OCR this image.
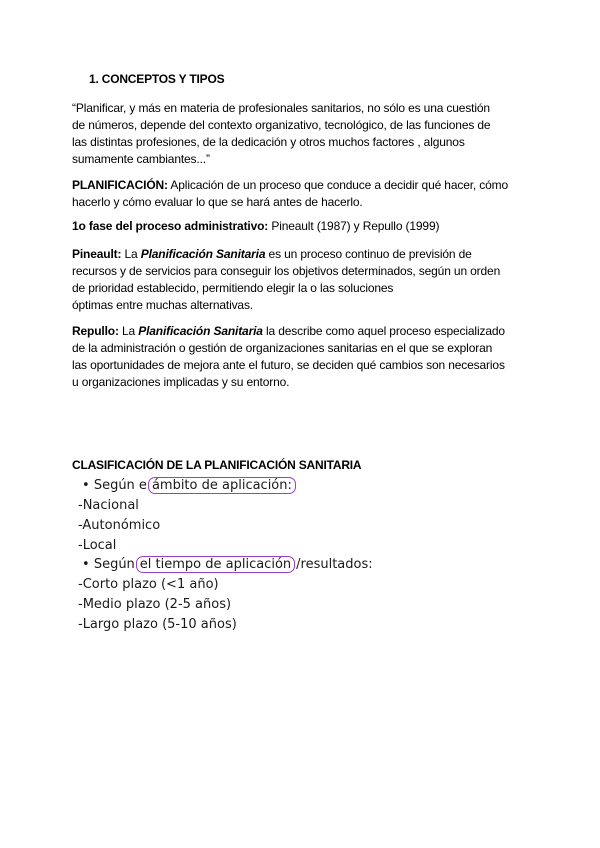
1. CONCEPTOS Y TIPOS
“Planificar, y más en materia de profesionales sanitarios, no sólo es una cuestión
de números, depende del contexto organizativo, tecnológico, de las funciones de
las distintas profesiones, de la dedicación y otros muchos factores , algunos
sumamente cambiantes...”
PLANIFICACIÓN: Aplicación de un proceso que conduce a decidir qué hacer, cómo
hacerlo y cómo evaluar lo que se hará antes de hacerlo.
1o fase del proceso administrativo: Pineault (1987) y Repullo (1999)
Pineault: La Planificación Sanitaria es un proceso continuo de previsión de
recursos y de servicios para conseguir los objetivos determinados, según un orden
de prioridad establecido, permitiendo elegir la o las soluciones
óptimas entre muchas alternativas.
Repullo: La Planificación Sanitaria la describe como aquel proceso especializado
de la administración o gestión de organizaciones sanitarias en el que se exploran
las oportunidades de mejora ante el futuro, se deciden qué cambios son necesarios
u organizaciones implicadas y su entorno.
CLASIFICACIÓN DE LA PLANIFICACIÓN SANITARIA
• Según e ámbito de aplicación:
-Nacional
-Autonómico
-Local
• Según el tiempo de aplicación /resultados:
-Corto plazo (<1 año)
-Medio plazo (2-5 años)
-Largo plazo (5-10 años)
